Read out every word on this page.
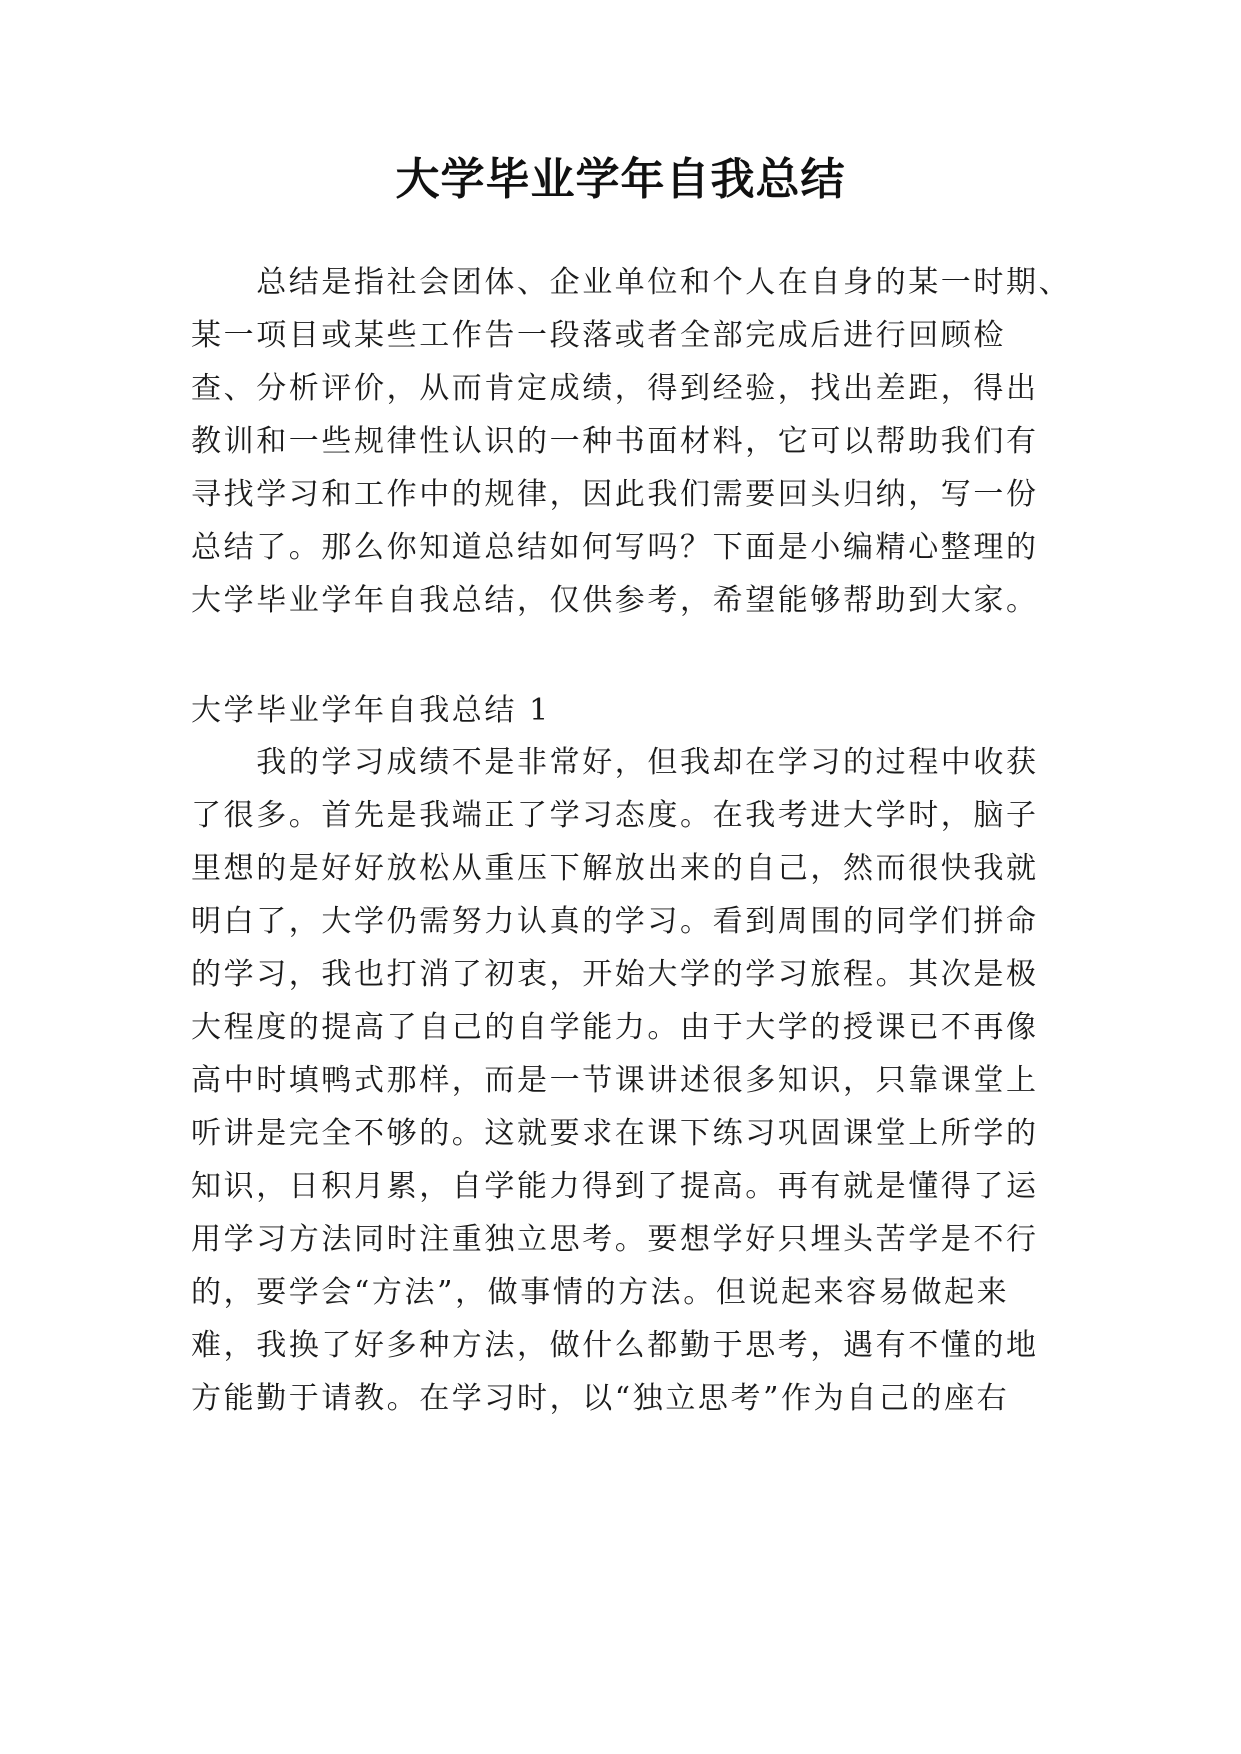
大学毕业学年自我总结

　　总结是指社会团体、企业单位和个人在自身的某一时期、

某一项目或某些工作告一段落或者全部完成后进行回顾检

查、分析评价，从而肯定成绩，得到经验，找出差距，得出

教训和一些规律性认识的一种书面材料，它可以帮助我们有

寻找学习和工作中的规律，因此我们需要回头归纳，写一份

总结了。那么你知道总结如何写吗？下面是小编精心整理的

大学毕业学年自我总结，仅供参考，希望能够帮助到大家。

大学毕业学年自我总结 1

　　我的学习成绩不是非常好，但我却在学习的过程中收获

了很多。首先是我端正了学习态度。在我考进大学时，脑子

里想的是好好放松从重压下解放出来的自己，然而很快我就

明白了，大学仍需努力认真的学习。看到周围的同学们拼命

的学习，我也打消了初衷，开始大学的学习旅程。其次是极

大程度的提高了自己的自学能力。由于大学的授课已不再像

高中时填鸭式那样，而是一节课讲述很多知识，只靠课堂上

听讲是完全不够的。这就要求在课下练习巩固课堂上所学的

知识，日积月累，自学能力得到了提高。再有就是懂得了运

用学习方法同时注重独立思考。要想学好只埋头苦学是不行

的，要学会“方法”，做事情的方法。但说起来容易做起来

难，我换了好多种方法，做什么都勤于思考，遇有不懂的地

方能勤于请教。在学习时，以“独立思考”作为自己的座右
